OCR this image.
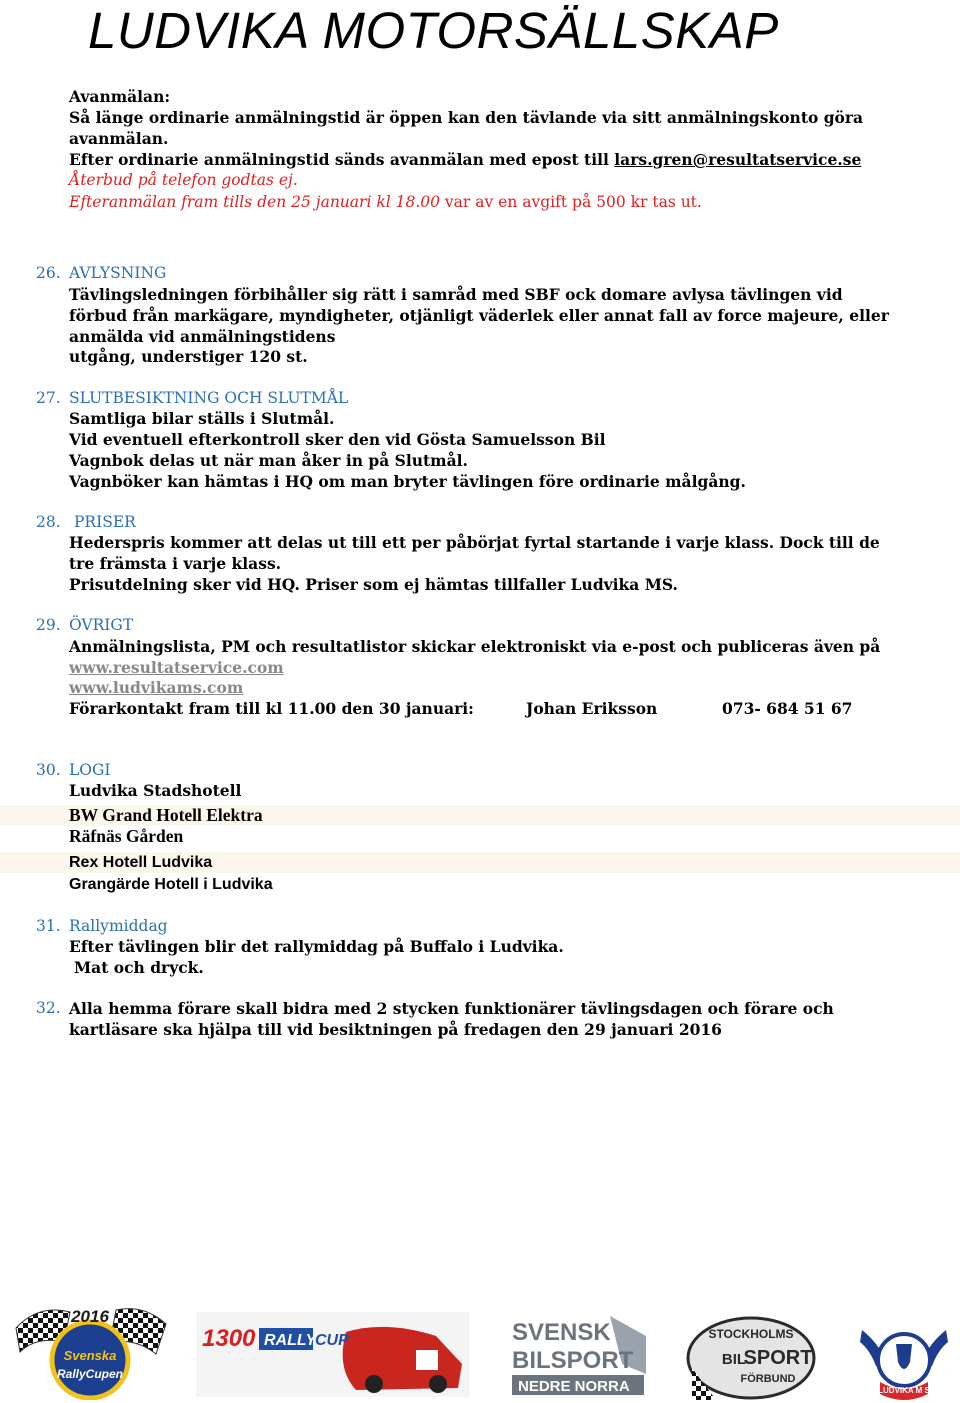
LUDVIKA MOTORSÄLLSKAP
Avanmälan:
Så länge ordinarie anmälningstid är öppen kan den tävlande via sitt anmälningskonto göra
avanmälan.
Efter ordinarie anmälningstid sänds avanmälan med epost till lars.gren@resultatservice.se
Återbud på telefon godtas ej.
Efteranmälan fram tills den 25 januari kl 18.00 var av en avgift på 500 kr tas ut.
26. AVLYSNING
Tävlingsledningen förbihåller sig rätt i samråd med SBF ock domare avlysa tävlingen vid
förbud från markägare, myndigheter, otjänligt väderlek eller annat fall av force majeure, eller
anmälda vid anmälningstidens
utgång, understiger 120 st.
27. SLUTBESIKTNING OCH SLUTMÅL
Samtliga bilar ställs i Slutmål.
Vid eventuell efterkontroll sker den vid Gösta Samuelsson Bil
Vagnbok delas ut när man åker in på Slutmål.
Vagnböker kan hämtas i HQ om man bryter tävlingen före ordinarie målgång.
28. PRISER
Hederspris kommer att delas ut till ett per påbörjat fyrtal startande i varje klass. Dock till de
tre främsta i varje klass.
Prisutdelning sker vid HQ. Priser som ej hämtas tillfaller Ludvika MS.
29. ÖVRIGT
Anmälningslista, PM och resultatlistor skickar elektroniskt via e-post och publiceras även på
www.resultatservice.com
www.ludvikams.com
Förarkontakt fram till kl 11.00 den 30 januari:	Johan Eriksson	073- 684 51 67
30. LOGI
Ludvika Stadshotell
BW Grand Hotell Elektra
Räfnäs Gården
Rex Hotell Ludvika
Grangärde Hotell i Ludvika
31. Rallymiddag
Efter tävlingen blir det rallymiddag på Buffalo i Ludvika.
Mat och dryck.
32. Alla hemma förare skall bidra med 2 stycken funktionärer tävlingsdagen och förare och
kartläsare ska hjälpa till vid besiktningen på fredagen den 29 januari 2016
2016
Svenska
RallyCupen
1300 RALLY
CUP	SVENSK
BILSPORT
NEDRE NORRA
STOCKHOLMS
BIL
SPORT
FÖRBUND
LUDVIKA M S
